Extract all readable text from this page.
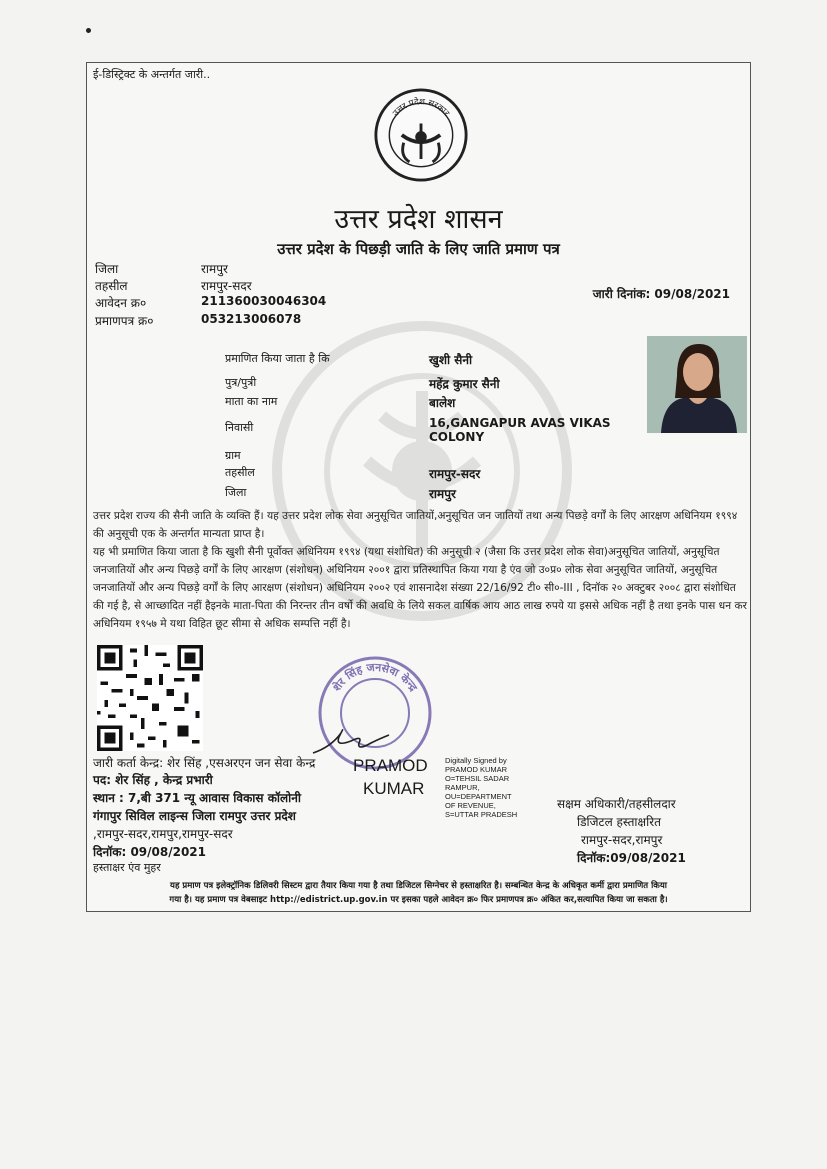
ई-डिस्ट्रिक्ट के अन्तर्गत जारी..
उत्तर प्रदेश सरकार
उत्तर प्रदेश शासन
उत्तर प्रदेश के पिछड़ी जाति के लिए जाति प्रमाण पत्र
जिला	रामपुर
तहसील	रामपुर-सदर
आवेदन क्र०	211360030046304
प्रमाणपत्र क्र०	053213006078
जारी दिनांक: 09/08/2021
प्रमाणित किया जाता है कि	खुशी सैनी
पुत्र/पुत्री	महेंद्र कुमार सैनी
माता का नाम	बालेश
निवासी	16,GANGAPUR AVAS VIKAS COLONY
ग्राम
तहसील	रामपुर-सदर
जिला	रामपुर
उत्तर प्रदेश राज्य की सैनी जाति के व्यक्ति हैं। यह उत्तर प्रदेश लोक सेवा अनुसूचित जातियों,अनुसूचित जन जातियों तथा अन्य पिछड़े वर्गों के लिए आरक्षण अधिनियम १९९४ की अनुसूची एक के अन्तर्गत मान्यता प्राप्त है।
यह भी प्रमाणित किया जाता है कि खुशी सैनी पूर्वोक्त अधिनियम १९९४ (यथा संशोधित) की अनुसूची २ (जैसा कि उत्तर प्रदेश लोक सेवा)अनुसूचित जातियों, अनुसूचित जनजातियों और अन्य पिछड़े वर्गों के लिए आरक्षण (संशोधन) अधिनियम २००१ द्वारा प्रतिस्थापित किया गया है एंव जो उ०प्र० लोक सेवा अनुसूचित जातियों, अनुसूचित जनजातियों और अन्य पिछड़े वर्गों के लिए आरक्षण (संशोधन) अधिनियम २००२ एवं शासनादेश संख्या 22/16/92 टी० सी०-III , दिनॉक २० अक्टुबर २००८ द्वारा संशोधित की गई है, से आच्छादित नहीं हैइनके माता-पिता की निरन्तर तीन वर्षो की अवधि के लिये सकल वार्षिक आय आठ लाख रुपये या इससे अधिक नहीं है तथा इनके पास धन कर अधिनियम १९५७ मे यथा विहित छूट सीमा से अधिक सम्पत्ति नहीं है।
शेर सिंह जनसेवा केन्द्र
जारी कर्ता केन्द्र: शेर सिंह ,एसअरएन जन सेवा केन्द्र
पद: शेर सिंह , केन्द्र प्रभारी
स्थान : 7,बी 371 न्यू आवास विकास कॉलोनी
गंगापुर सिविल लाइन्स जिला रामपुर उत्तर प्रदेश
,रामपुर-सदर,रामपुर,रामपुर-सदर
दिनॉक: 09/08/2021
हस्ताक्षर एंव मुहर
PRAMOD
KUMAR
Digitally Signed by
PRAMOD KUMAR
O=TEHSIL SADAR
RAMPUR,
OU=DEPARTMENT
OF REVENUE,
S=UTTAR PRADESH
सक्षम अधिकारी/तहसीलदार
डिजिटल हस्ताक्षरित
रामपुर-सदर,रामपुर
दिनॉक:09/08/2021
यह प्रमाण पत्र इलेक्ट्रॉनिक डिलिवरी सिस्टम द्वारा तैयार किया गया है तथा डिजिटल सिग्नेचर से हस्ताक्षरित है। सम्बन्धित केन्द्र के अधिकृत कर्मी द्वारा प्रमाणित किया
गया है। यह प्रमाण पत्र वेबसाइट http://edistrict.up.gov.in पर इसका पहले आवेदन क्र० फिर प्रमाणपत्र क्र० अंकित कर,सत्यापित किया जा सकता है।
